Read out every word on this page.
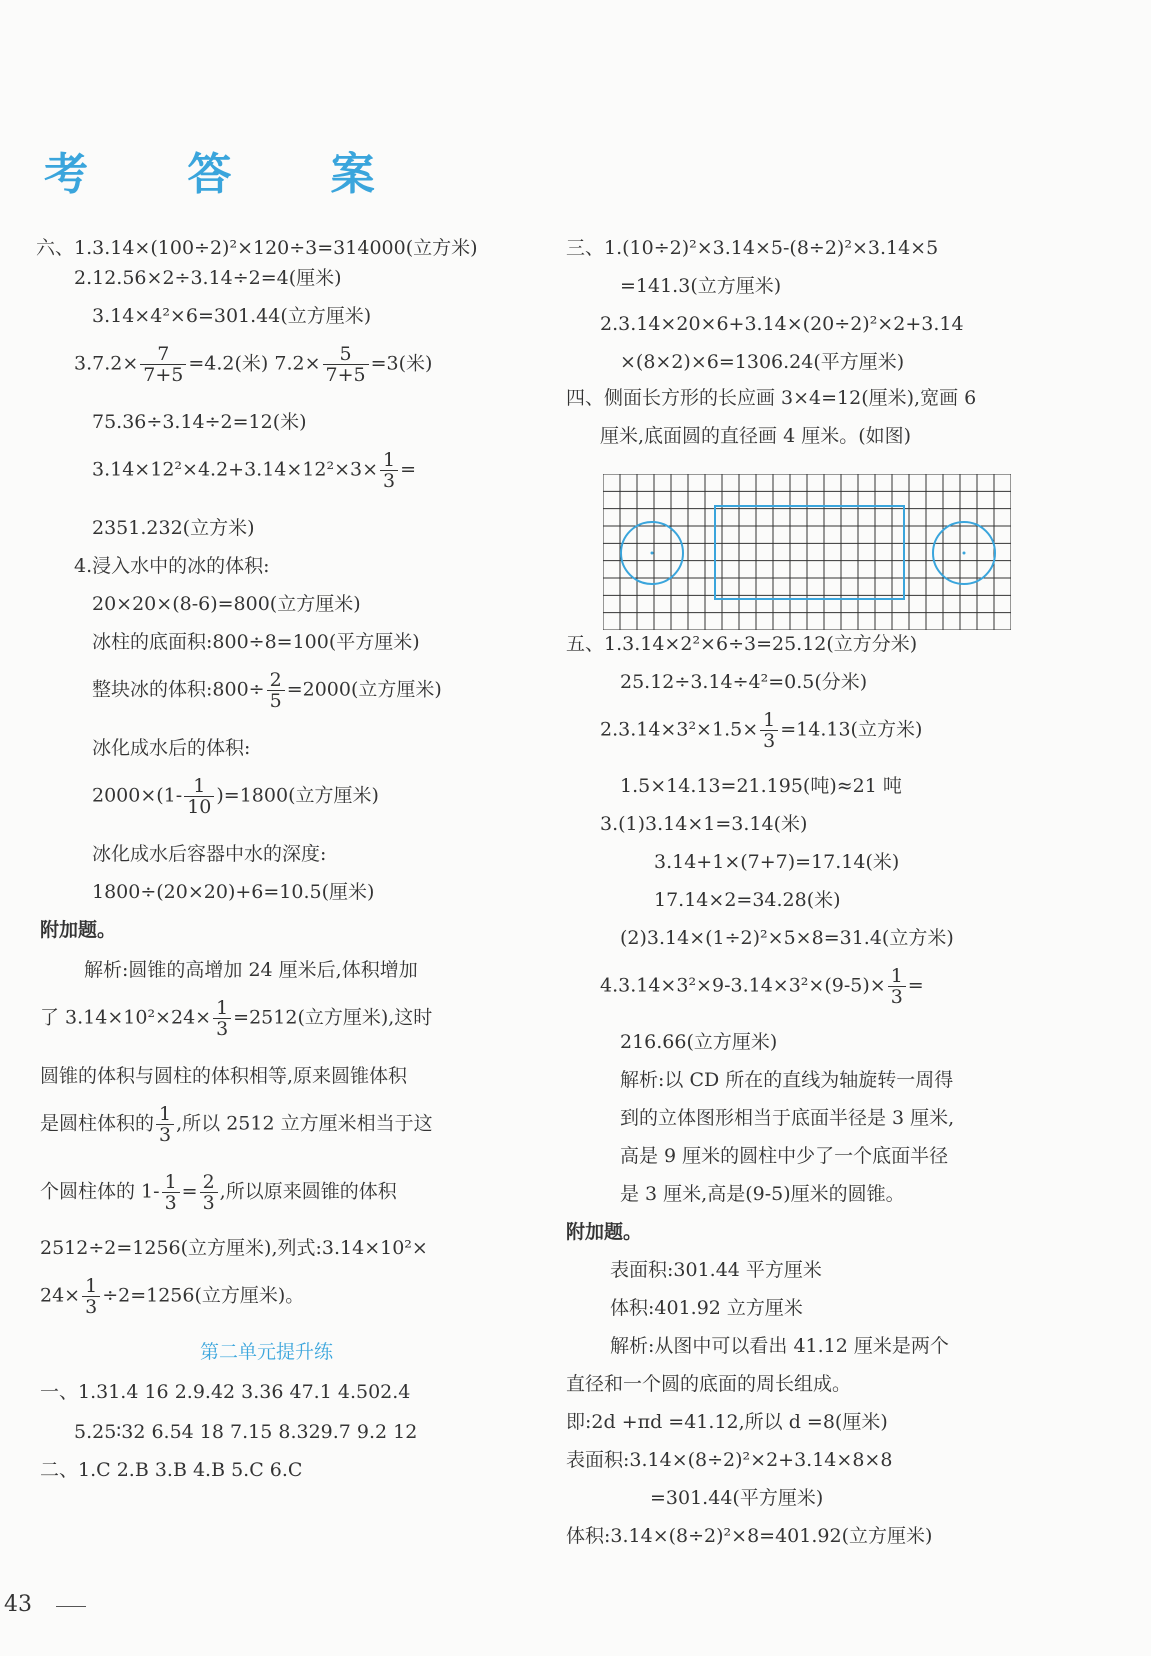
考 答 案
六、1.3.14×(100÷2)²×120÷3=314000(立方米)
2.12.56×2÷3.14÷2=4(厘米)
3.14×4²×6=301.44(立方厘米)
$3.7.2\times \frac{7}{7+5} =4.2$(米) $7.2\times \frac{5}{7+5} =3$(米)
75.36÷3.14÷2=12(米)
$3.14\times 12^2\times 4.2+3.14\times 12^2\times 3\times \frac{1}{3}$ =
2351.232(立方米)
4.浸入水中的冰的体积:
20×20×(8-6)=800(立方厘米)
冰柱的底面积:800÷8=100(平方厘米)
整块冰的体积:800÷ $\frac{2}{5} =2000$(立方厘米)
冰化成水后的体积:
$2000\times(1- \frac{1}{10} )=1800$(立方厘米)
冰化成水后容器中水的深度:
1800÷(20×20)+6=10.5(厘米)
附加题。
解析:圆锥的高增加 24 厘米后,体积增加
了 $3.14\times 10^2\times 24\times \frac{1}{3} =2512$(立方厘米),这时
圆锥的体积与圆柱的体积相等,原来圆锥体积
是圆柱体积的 $\frac{1}{3}$ ,所以 2512 立方厘米相当于这
个圆柱体的 $1- \frac{1}{3} = \frac{2}{3}$ ,所以原来圆锥的体积
2512÷2=1256(立方厘米),列式:3.14×10²×
$24\times \frac{1}{3} \div 2=1256$(立方厘米)。
第二单元提升练
一、1.31.4 16 2.9.42 3.36 47.1 4.502.4
5.25∶32 6.54 18 7.15 8.329.7 9.2 12
二、1.C 2.B 3.B 4.B 5.C 6.C
三、1.(10÷2)²×3.14×5-(8÷2)²×3.14×5
=141.3(立方厘米)
2.3.14×20×6+3.14×(20÷2)²×2+3.14
×(8×2)×6=1306.24(平方厘米)
四、侧面长方形的长应画 3×4=12(厘米),宽画 6
厘米,底面圆的直径画 4 厘米。(如图)
五、1.3.14×2²×6÷3=25.12(立方分米)
25.12÷3.14÷4²=0.5(分米)
$2.3.14\times 3^2\times 1.5\times \frac{1}{3} =14.13$(立方米)
1.5×14.13=21.195(吨)≈21 吨
3.(1)3.14×1=3.14(米)
3.14+1×(7+7)=17.14(米)
17.14×2=34.28(米)
(2)3.14×(1÷2)²×5×8=31.4(立方米)
$4.3.14\times 3^2\times 9-3.14\times 3^2\times(9-5)\times \frac{1}{3}$ =
216.66(立方厘米)
解析:以 CD 所在的直线为轴旋转一周得
到的立体图形相当于底面半径是 3 厘米,
高是 9 厘米的圆柱中少了一个底面半径
是 3 厘米,高是(9-5)厘米的圆锥。
附加题。
表面积:301.44 平方厘米
体积:401.92 立方厘米
解析:从图中可以看出 41.12 厘米是两个
直径和一个圆的底面的周长组成。
即:2d +πd =41.12,所以 d =8(厘米)
表面积:3.14×(8÷2)²×2+3.14×8×8
=301.44(平方厘米)
体积:3.14×(8÷2)²×8=401.92(立方厘米)
43
